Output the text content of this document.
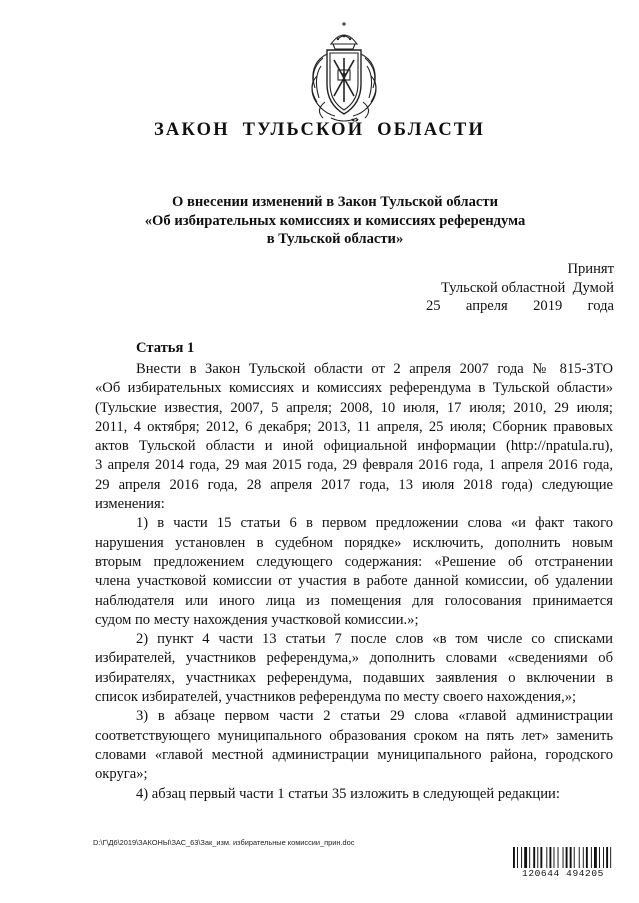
ЗАКОН ТУЛЬСКОЙ ОБЛАСТИ
О внесении изменений в Закон Тульской области
«Об избирательных комиссиях и комиссиях референдума
в Тульской области»
Принят
Тульской областной  Думой
25 апреля 2019 года
Статья 1

Внести в Закон Тульской области от 2 апреля 2007 года № 815-ЗТО
«Об избирательных комиссиях и комиссиях референдума в Тульской области»
(Тульские известия, 2007, 5 апреля; 2008, 10 июля, 17 июля; 2010, 29 июля;
2011, 4 октября; 2012, 6 декабря; 2013, 11 апреля, 25 июля; Сборник правовых
актов Тульской области и иной официальной информации (http://npatula.ru),
3 апреля 2014 года, 29 мая 2015 года, 29 февраля 2016 года, 1 апреля 2016 года,
29 апреля 2016 года, 28 апреля 2017 года, 13 июля 2018 года) следующие
изменения:

1) в части 15 статьи 6 в первом предложении слова «и факт такого
нарушения установлен в судебном порядке» исключить, дополнить новым
вторым предложением следующего содержания: «Решение об отстранении
члена участковой комиссии от участия в работе данной комиссии, об удалении
наблюдателя или иного лица из помещения для голосования принимается
судом по месту нахождения участковой комиссии.»;

2) пункт 4 части 13 статьи 7 после слов «в том числе со списками
избирателей, участников референдума,» дополнить словами «сведениями об
избирателях, участниках референдума, подавших заявления о включении в
список избирателей, участников референдума по месту своего нахождения,»;

3) в абзаце первом части 2 статьи 29 слова «главой администрации
соответствующего муниципального образования сроком на пять лет» заменить
словами «главой местной администрации муниципального района, городского
округа»;

4) абзац первый части 1 статьи 35 изложить в следующей редакции:

D:\Г\Д6\2019\ЗАКОНЫ\ЗАС_63\Зак_изм. избирательные комиссии_прин.doc
120644 494205
